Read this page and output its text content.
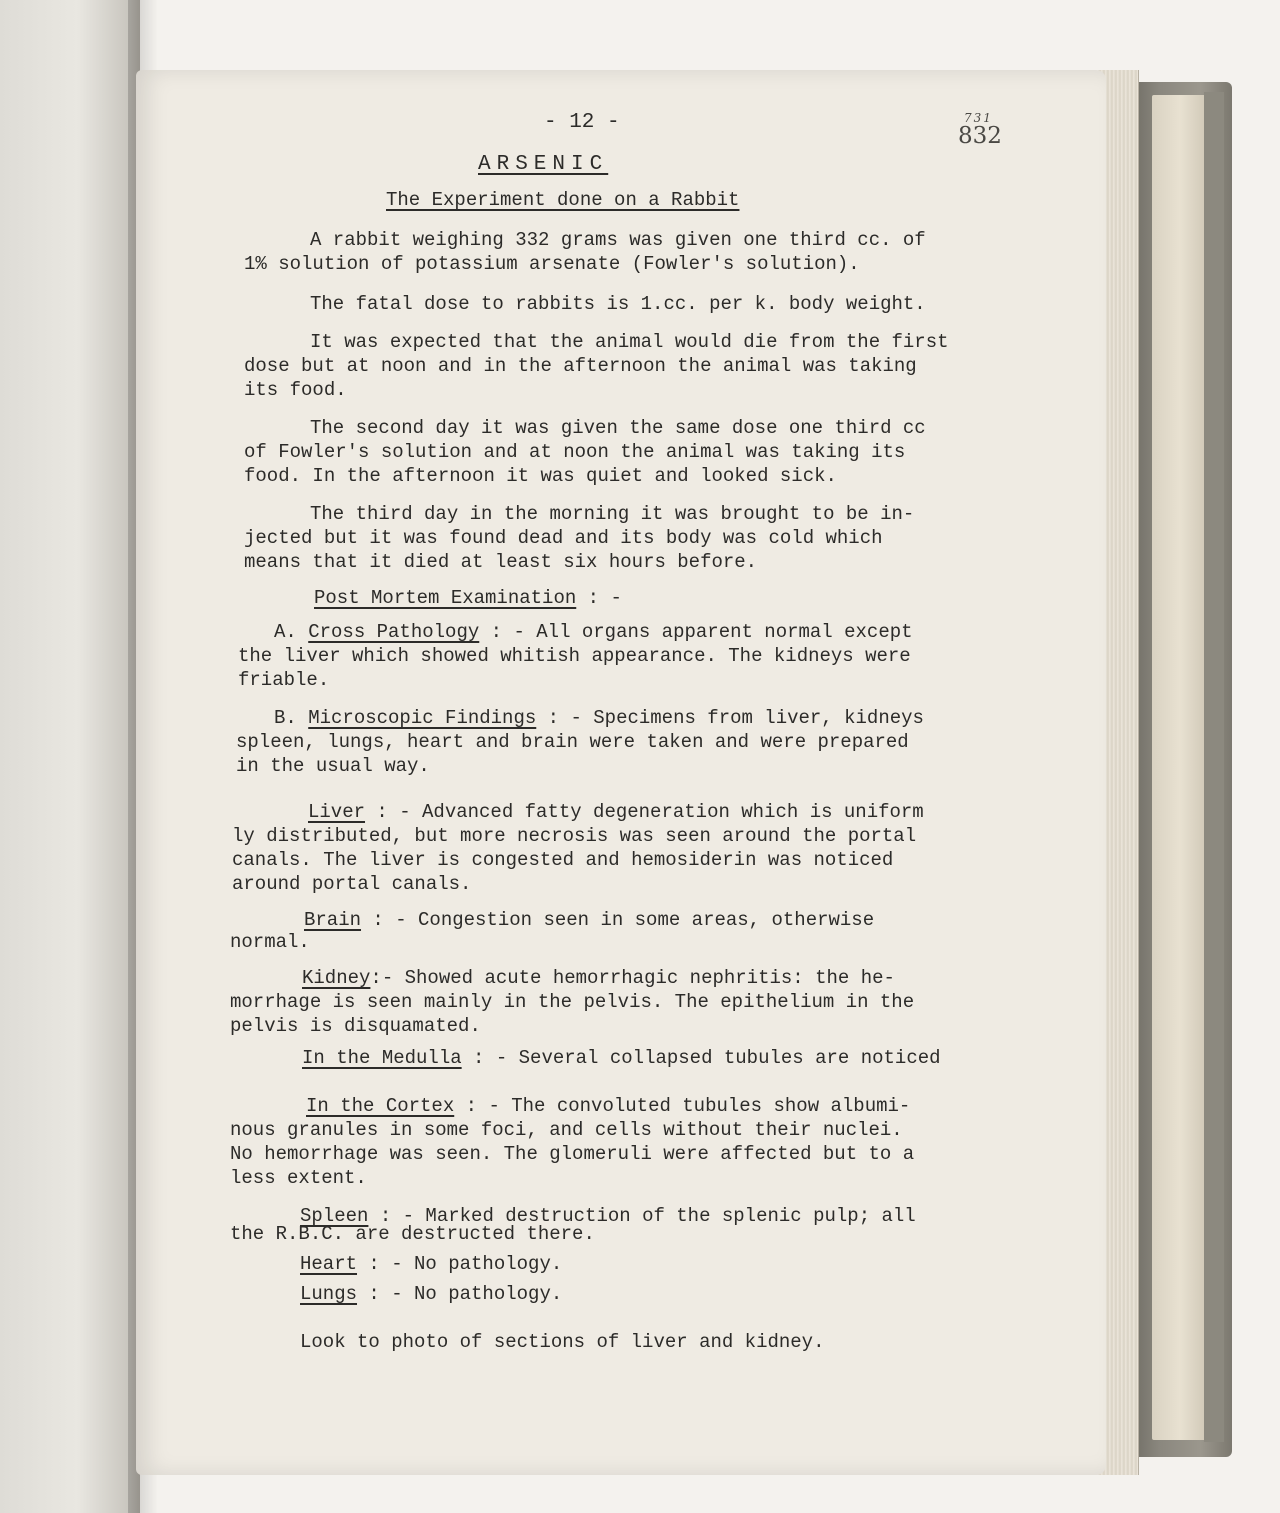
- 12 -	731
832
ARSENIC
The Experiment done on a Rabbit
A rabbit weighing 332 grams was given one third cc. of
1% solution of potassium arsenate (Fowler's solution).
The fatal dose to rabbits is 1.cc. per k. body weight.
It was expected that the animal would die from the first
dose but at noon and in the afternoon the animal was taking
its food.
The second day it was given the same dose one third cc
of Fowler's solution and at noon the animal was taking its
food. In the afternoon it was quiet and looked sick.
The third day in the morning it was brought to be in-
jected but it was found dead and its body was cold which
means that it died at least six hours before.
Post Mortem Examination : -
A. Cross Pathology : - All organs apparent normal except
the liver which showed whitish appearance. The kidneys were
friable.
B. Microscopic Findings : - Specimens from liver, kidneys
spleen, lungs, heart and brain were taken and were prepared
in the usual way.
Liver : - Advanced fatty degeneration which is uniform
ly distributed, but more necrosis was seen around the portal
canals. The liver is congested and hemosiderin was noticed
around portal canals.
Brain : - Congestion seen in some areas, otherwise
normal.
Kidney:- Showed acute hemorrhagic nephritis: the he-
morrhage is seen mainly in the pelvis. The epithelium in the
pelvis is disquamated.
In the Medulla : - Several collapsed tubules are noticed
In the Cortex : - The convoluted tubules show albumi-
nous granules in some foci, and cells without their nuclei.
No hemorrhage was seen. The glomeruli were affected but to a
less extent.
Spleen : - Marked destruction of the splenic pulp; all
the R.B.C. are destructed there.
Heart : - No pathology.
Lungs : - No pathology.
Look to photo of sections of liver and kidney.
